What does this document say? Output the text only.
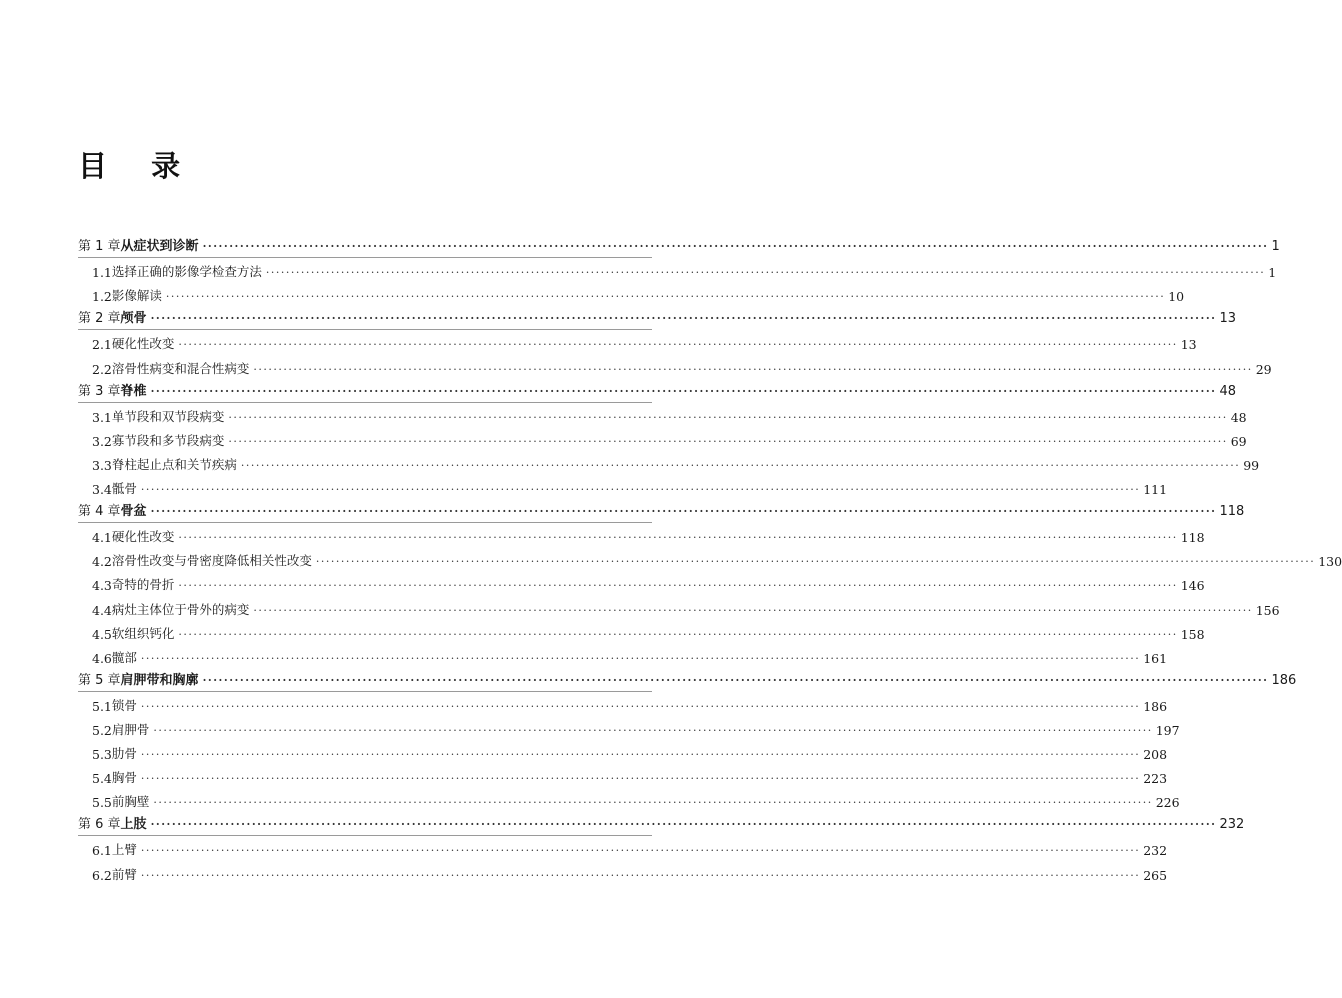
目 录
第 1 章 从症状到诊断 ········································································································································································································ 1
1.1 选择正确的影像学检查方法 ········································································································································································································ 1
1.2 影像解读 ········································································································································································································ 10
第 2 章 颅骨 ········································································································································································································ 13
2.1 硬化性改变 ········································································································································································································ 13
2.2 溶骨性病变和混合性病变 ········································································································································································································ 29
第 3 章 脊椎 ········································································································································································································ 48
3.1 单节段和双节段病变 ········································································································································································································ 48
3.2 寡节段和多节段病变 ········································································································································································································ 69
3.3 脊柱起止点和关节疾病 ········································································································································································································ 99
3.4 骶骨 ········································································································································································································ 111
第 4 章 骨盆 ········································································································································································································ 118
4.1 硬化性改变 ········································································································································································································ 118
4.2 溶骨性改变与骨密度降低相关性改变 ········································································································································································································ 130
4.3 奇特的骨折 ········································································································································································································ 146
4.4 病灶主体位于骨外的病变 ········································································································································································································ 156
4.5 软组织钙化 ········································································································································································································ 158
4.6 髋部 ········································································································································································································ 161
第 5 章 肩胛带和胸廓 ········································································································································································································ 186
5.1 锁骨 ········································································································································································································ 186
5.2 肩胛骨 ········································································································································································································ 197
5.3 肋骨 ········································································································································································································ 208
5.4 胸骨 ········································································································································································································ 223
5.5 前胸壁 ········································································································································································································ 226
第 6 章 上肢 ········································································································································································································ 232
6.1 上臂 ········································································································································································································ 232
6.2 前臂 ········································································································································································································ 265
